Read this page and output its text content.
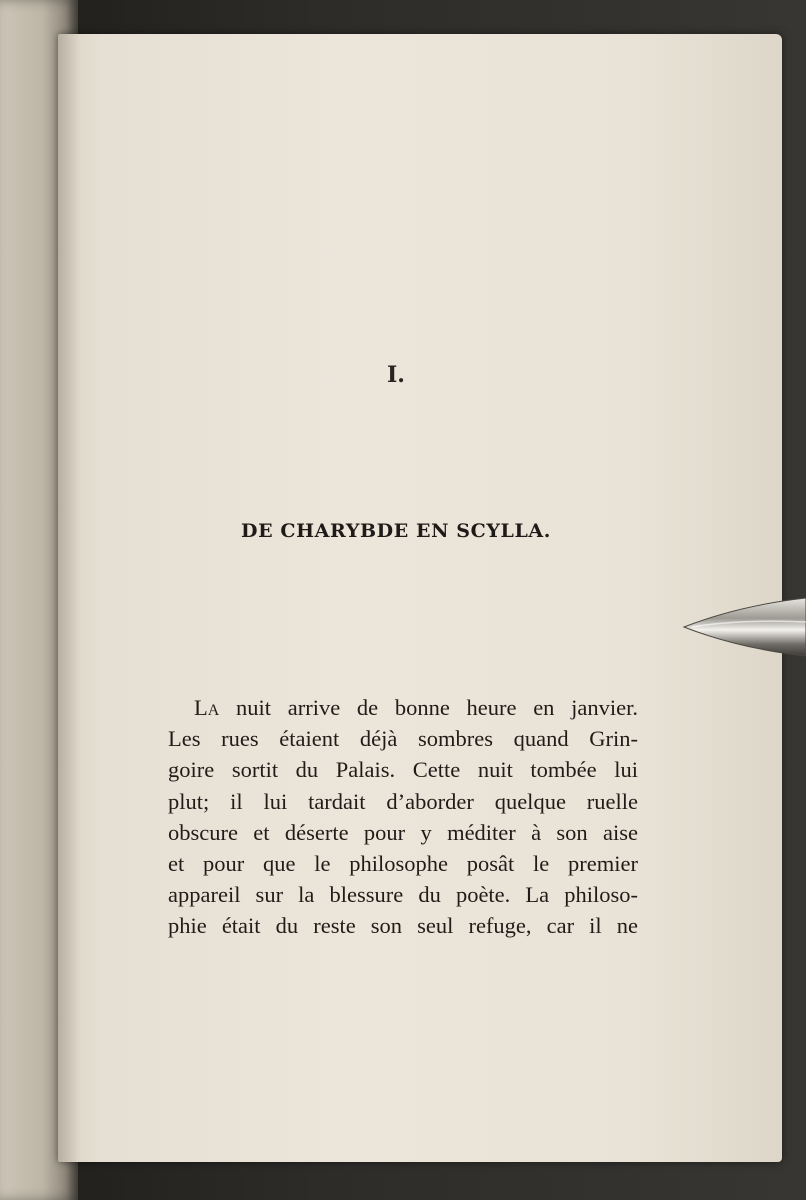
I.
DE CHARYBDE EN SCYLLA.
La nuit arrive de bonne heure en janvier.
Les rues étaient déjà sombres quand Grin-
goire sortit du Palais. Cette nuit tombée lui
plut; il lui tardait d’aborder quelque ruelle
obscure et déserte pour y méditer à son aise
et pour que le philosophe posât le premier
appareil sur la blessure du poète. La philoso-
phie était du reste son seul refuge, car il ne
